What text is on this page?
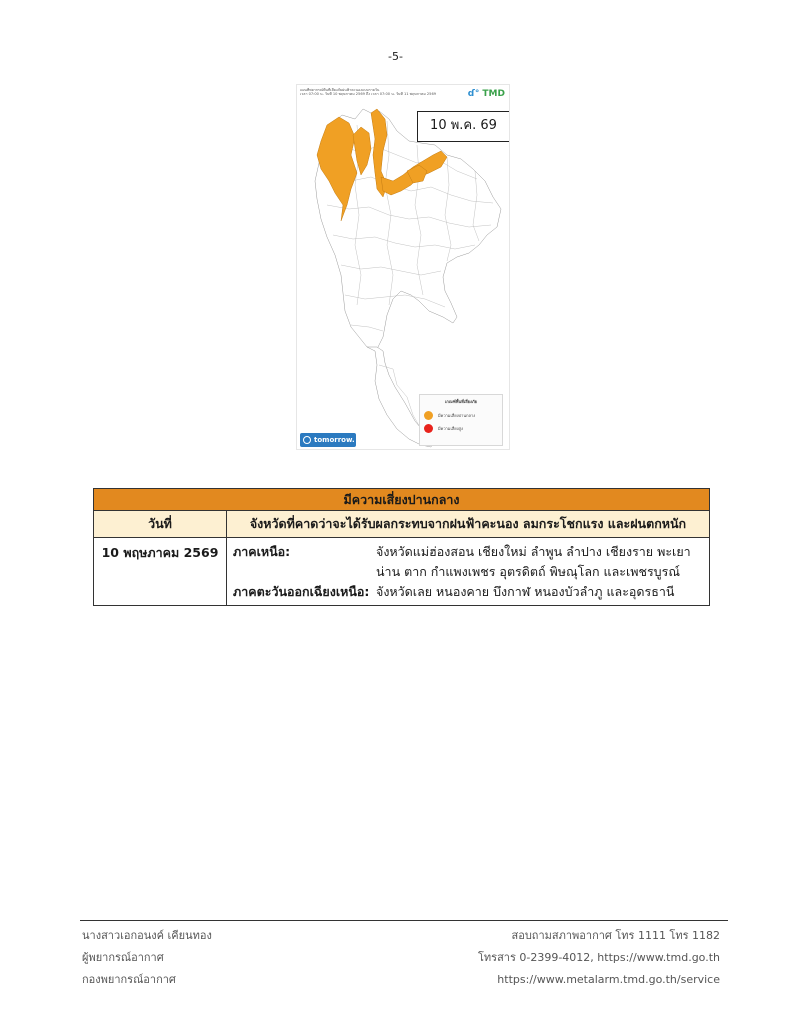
-5-
แผนที่พยากรณ์พื้นที่เสี่ยงภัยฝนฟ้าคะนองแบบรายวัน
เวลา 07:00 น. วันที่ 10 พฤษภาคม 2569 ถึง เวลา 07:00 น. วันที่ 11 พฤษภาคม 2569	ɗ° TMD
10 พ.ค. 69
เกณฑ์พื้นที่เสี่ยงภัย
มีความเสี่ยงปานกลาง
มีความเสี่ยงสูง
tomorrow.
มีความเสี่ยงปานกลาง	
วันที่	จังหวัดที่คาดว่าจะได้รับผลกระทบจากฝนฟ้าคะนอง ลมกระโชกแรง และฝนตกหนัก
10 พฤษภาคม 2569	ภาคเหนือ: จังหวัดแม่ฮ่องสอน เชียงใหม่ ลำพูน ลำปาง เชียงราย พะเยา
น่าน ตาก กำแพงเพชร อุตรดิตถ์ พิษณุโลก และเพชรบูรณ์
ภาคตะวันออกเฉียงเหนือ: จังหวัดเลย หนองคาย บึงกาฬ หนองบัวลำภู และอุดรธานี
นางสาวเอกอนงค์ เคียนทอง
ผู้พยากรณ์อากาศ
กองพยากรณ์อากาศ
สอบถามสภาพอากาศ โทร 1111 โทร 1182
โทรสาร 0-2399-4012, https://www.tmd.go.th
https://www.metalarm.tmd.go.th/service
